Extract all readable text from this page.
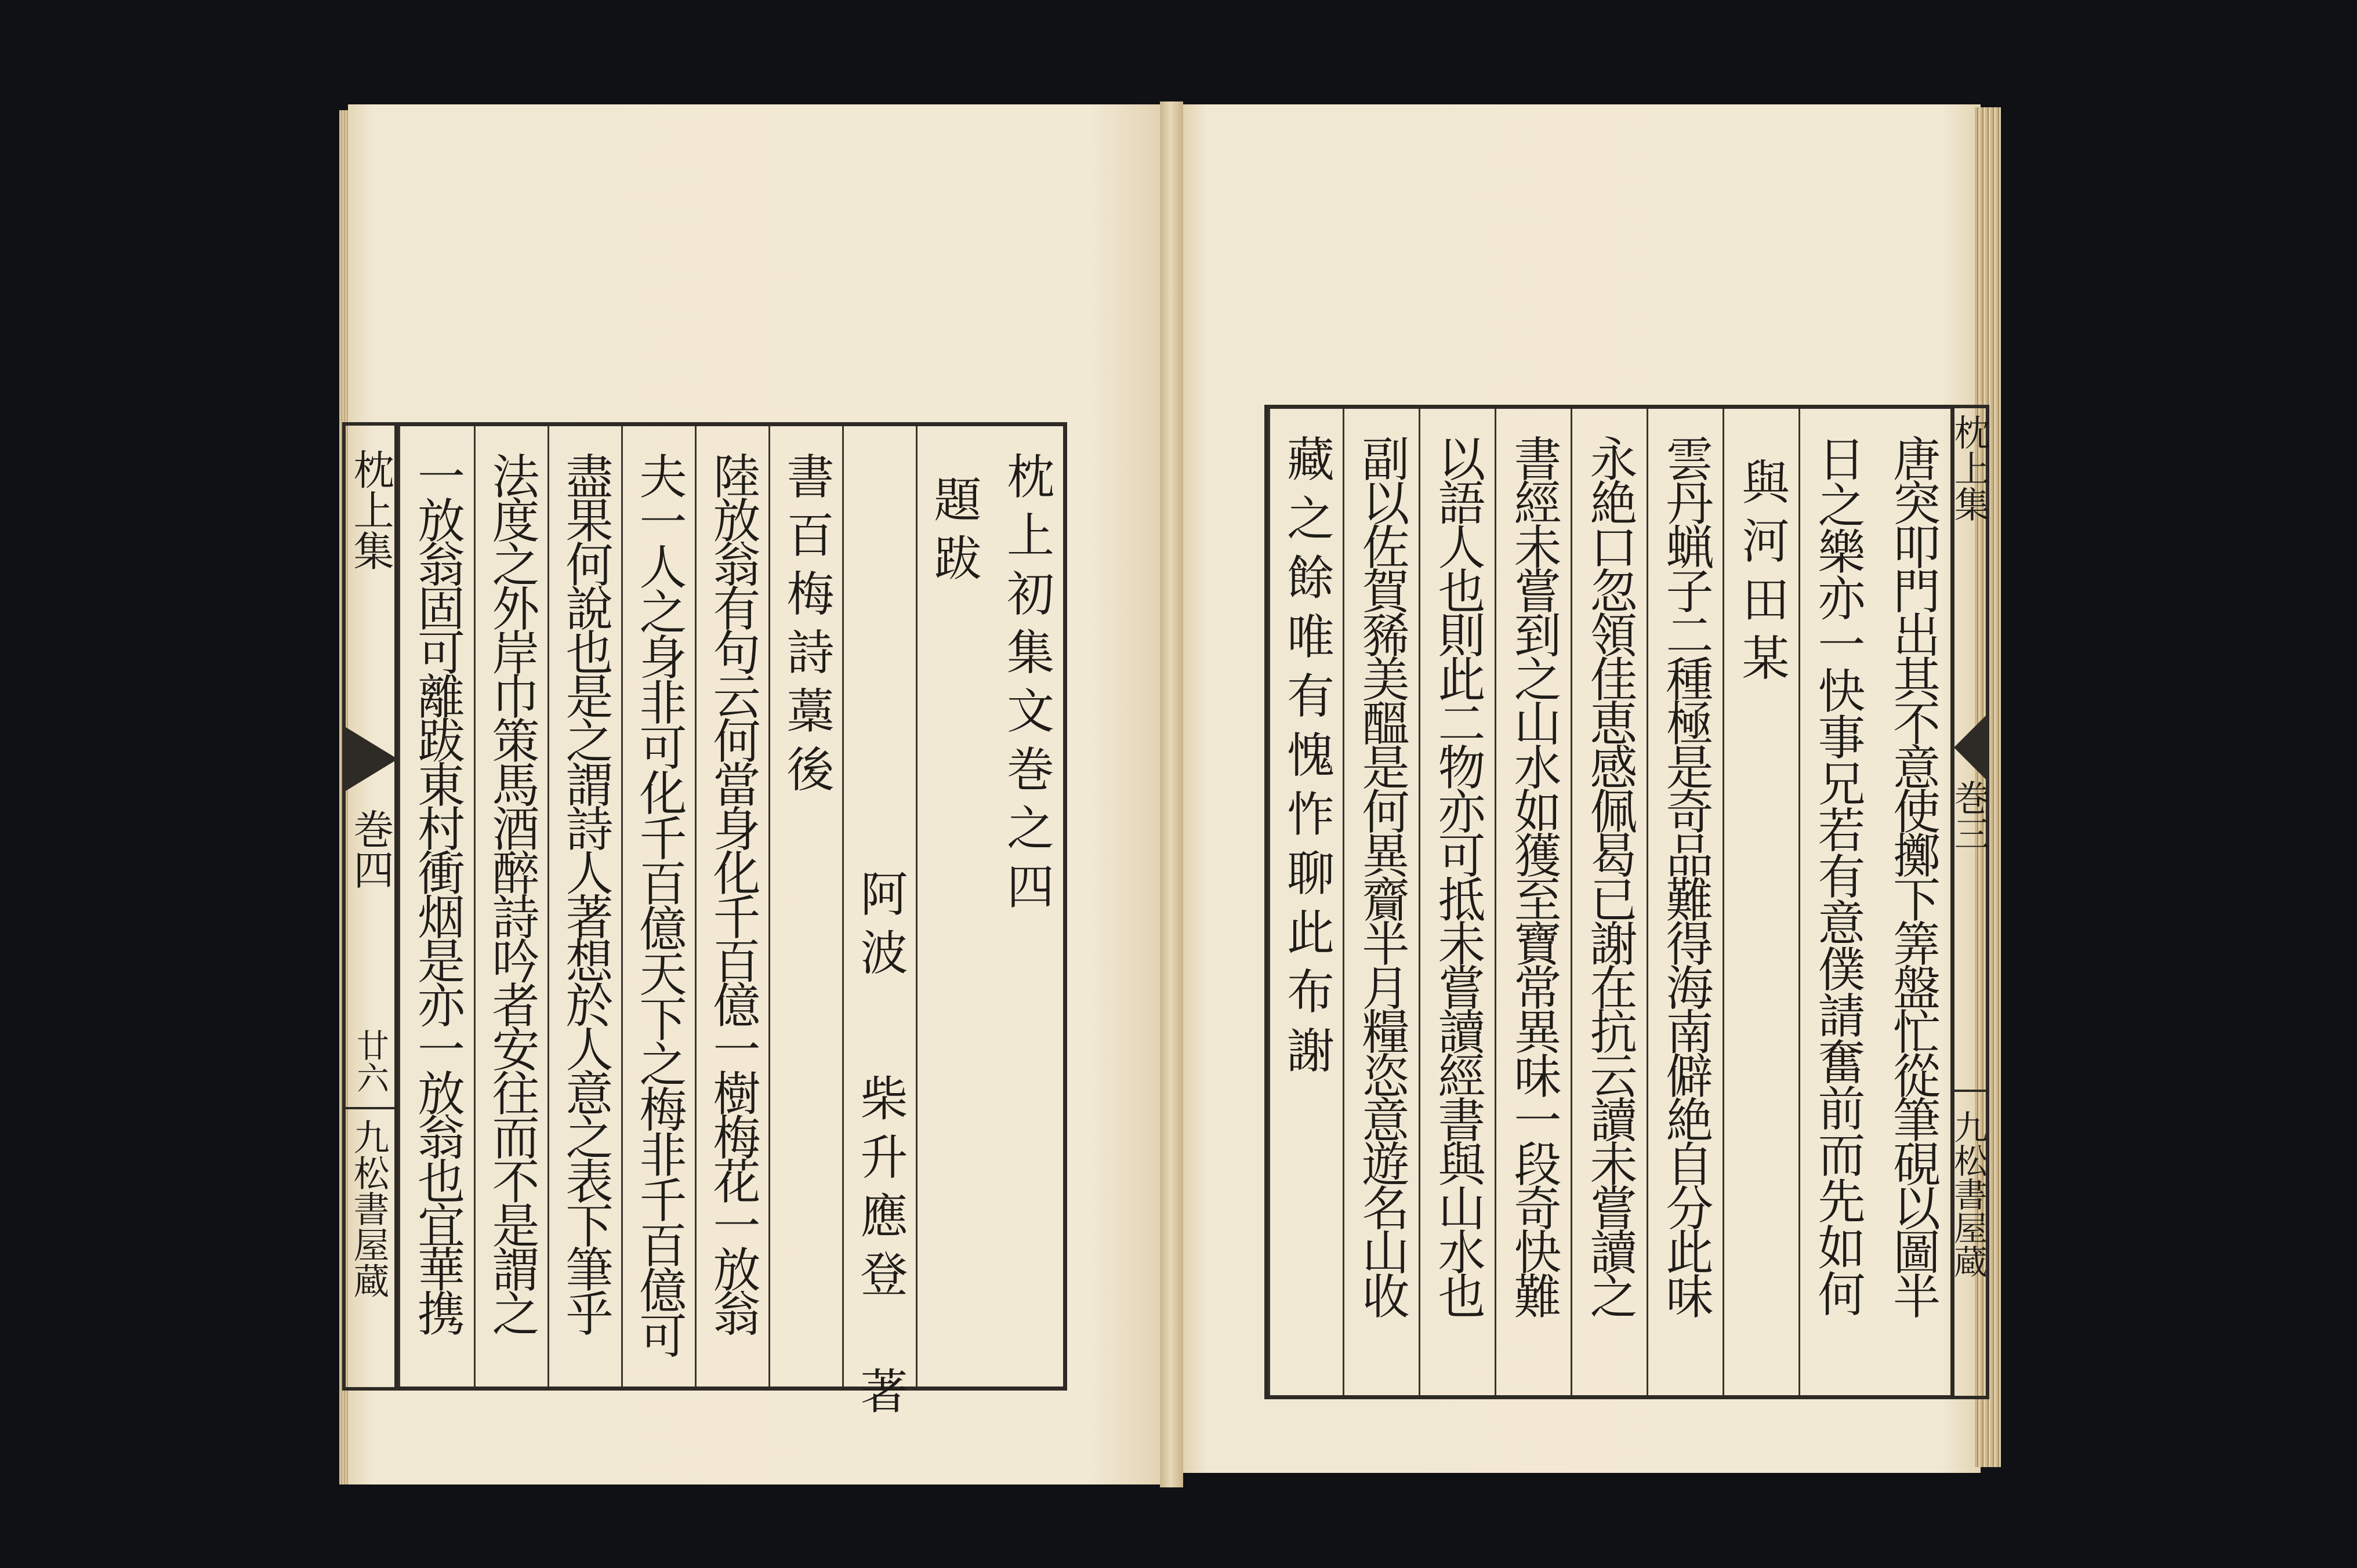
枕上集
巻四
廿六
九松書屋蔵
枕上初集文巻之四
題跋
阿波  柴升應登　著
書百梅詩藁後
陸放翁有句云何當身化千百億一樹梅花一放翁
夫一人之身非可化千百億天下之梅非千百億可
盡果何說也是之謂詩人著想於人意之表下筆乎
法度之外岸巾策馬酒醉詩吟者安往而不是謂之
一放翁固可離跋東村衝烟是亦一放翁也宜華携	唐突叩門出其不意使擲下筭盤忙從筆硯以圖半
日之樂亦一快事兄若有意僕請奮前而先如何
與河田某
雲丹蝋子二種極是奇品難得海南僻絶自分此味
永絶口忽領佳恵感佩曷已謝在抗云讀未嘗讀之
書經未嘗到之山水如獲至寶常異味一段奇快難
以語人也則此二物亦可抵未嘗讀經書與山水也
副以佐賀豨美醞是何異齎半月糧恣意遊名山收
藏之餘唯有愧怍聊此布謝	枕上集
巻三
九松書屋蔵
